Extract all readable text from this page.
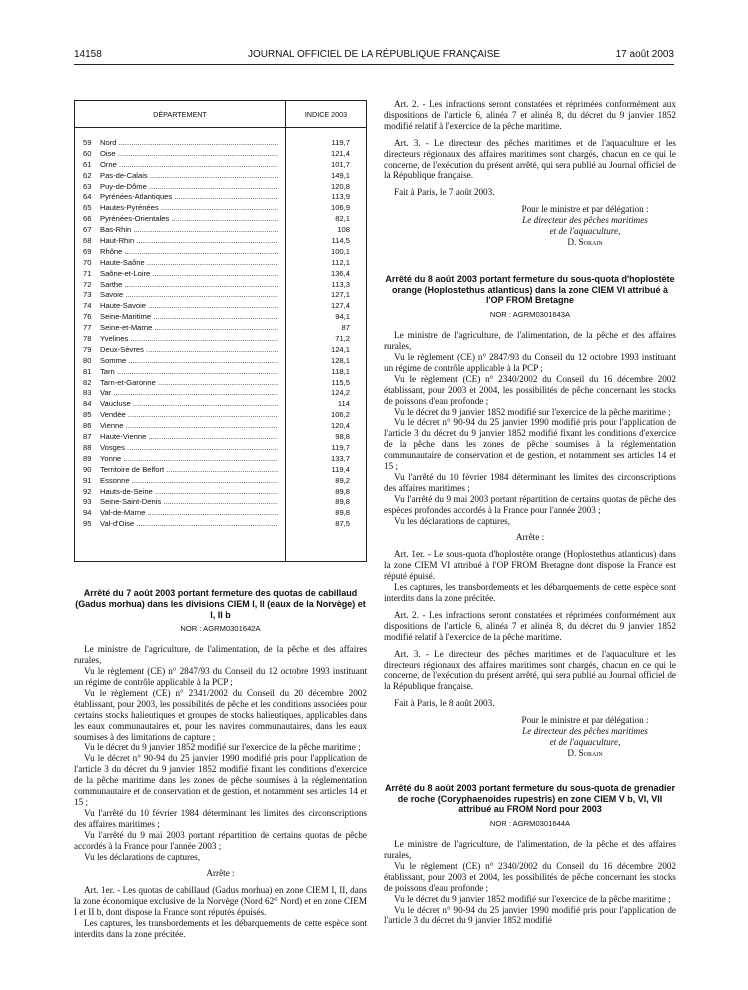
14158	JOURNAL OFFICIEL DE LA RÉPUBLIQUE FRANÇAISE	17 août 2003
DÉPARTEMENT	INDICE 2003
59 Nord .....	119,7
60 Oise .....	121,4
61 Orne .....	101,7
62 Pas-de-Calais .....	149,1
63 Puy-de-Dôme .....	120,8
64 Pyrénées-Atlantiques .....	113,9
65 Hautes-Pyrénées .....	106,9
66 Pyrénées-Orientales .....	82,1
67 Bas-Rhin .....	108
68 Haut-Rhin .....	114,5
69 Rhône .....	100,1
70 Haute-Saône .....	112,1
71 Saône-et-Loire .....	136,4
72 Sarthe .....	113,3
73 Savoie .....	127,1
74 Haute-Savoie .....	127,4
76 Seine-Maritime .....	94,1
77 Seine-et-Marne .....	87
78 Yvelines .....	71,2
79 Deux-Sèvres .....	124,1
80 Somme .....	128,1
81 Tarn .....	118,1
82 Tarn-et-Garonne .....	115,5
83 Var .....	124,2
84 Vaucluse .....	114
85 Vendée .....	106,2
86 Vienne .....	120,4
87 Haute-Vienne .....	98,8
88 Vosges .....	119,7
89 Yonne .....	133,7
90 Territoire de Belfort .....	119,4
91 Essonne .....	89,2
92 Hauts-de-Seine .....	89,8
93 Seine-Saint-Denis .....	89,8
94 Val-de-Marne .....	89,8
95 Val-d'Oise .....	87,5
Arrêté du 7 août 2003 portant fermeture des quotas de cabillaud (Gadus morhua) dans les divisions CIEM I, II (eaux de la Norvège) et I, II b
NOR : AGRM0301642A

Le ministre de l'agriculture, de l'alimentation, de la pêche et des affaires rurales,

Vu le règlement (CE) n° 2847/93 du Conseil du 12 octobre 1993 instituant un régime de contrôle applicable à la PCP ;

Vu le règlement (CE) n° 2341/2002 du Conseil du 20 décembre 2002 établissant, pour 2003, les possibilités de pêche et les conditions associées pour certains stocks halieutiques et groupes de stocks halieutiques, applicables dans les eaux communautaires et, pour les navires communautaires, dans les eaux soumises à des limitations de capture ;

Vu le décret du 9 janvier 1852 modifié sur l'exercice de la pêche maritime ;

Vu le décret n° 90-94 du 25 janvier 1990 modifié pris pour l'application de l'article 3 du décret du 9 janvier 1852 modifié fixant les conditions d'exercice de la pêche maritime dans les zones de pêche soumises à la réglementation communautaire et de conservation et de gestion, et notamment ses articles 14 et 15 ;

Vu l'arrêté du 10 février 1984 déterminant les limites des circonscriptions des affaires maritimes ;

Vu l'arrêté du 9 mai 2003 portant répartition de certains quotas de pêche accordés à la France pour l'année 2003 ;

Vu les déclarations de captures,

Arrête :

Art. 1er. - Les quotas de cabillaud (Gadus morhua) en zone CIEM I, II, dans la zone économique exclusive de la Norvège (Nord 62° Nord) et en zone CIEM I et II b, dont dispose la France sont réputés épuisés.

Les captures, les transbordements et les débarquements de cette espèce sont interdits dans la zone précitée.

Art. 2. - Les infractions seront constatées et réprimées conformément aux dispositions de l'article 6, alinéa 7 et alinéa 8, du décret du 9 janvier 1852 modifié relatif à l'exercice de la pêche maritime.

Art. 3. - Le directeur des pêches maritimes et de l'aquaculture et les directeurs régionaux des affaires maritimes sont chargés, chacun en ce qui le concerne, de l'exécution du présent arrêté, qui sera publié au Journal officiel de la République française.

Fait à Paris, le 7 août 2003.

Pour le ministre et par délégation :

Le directeur des pêches maritimes

et de l'aquaculture,

D. Sorain

Arrêté du 8 août 2003 portant fermeture du sous-quota d'hoplostète orange (Hoplostethus atlanticus) dans la zone CIEM VI attribué à l'OP FROM Bretagne
NOR : AGRM0301643A

Le ministre de l'agriculture, de l'alimentation, de la pêche et des affaires rurales,

Vu le règlement (CE) n° 2847/93 du Conseil du 12 octobre 1993 instituant un régime de contrôle applicable à la PCP ;

Vu le règlement (CE) n° 2340/2002 du Conseil du 16 décembre 2002 établissant, pour 2003 et 2004, les possibilités de pêche concernant les stocks de poissons d'eau profonde ;

Vu le décret du 9 janvier 1852 modifié sur l'exercice de la pêche maritime ;

Vu le décret n° 90-94 du 25 janvier 1990 modifié pris pour l'application de l'article 3 du décret du 9 janvier 1852 modifié fixant les conditions d'exercice de la pêche dans les zones de pêche soumises à la réglementation communautaire de conservation et de gestion, et notamment ses articles 14 et 15 ;

Vu l'arrêté du 10 février 1984 déterminant les limites des circonscriptions des affaires maritimes ;

Vu l'arrêté du 9 mai 2003 portant répartition de certains quotas de pêche des espèces profondes accordés à la France pour l'année 2003 ;

Vu les déclarations de captures,

Arrête :

Art. 1er. - Le sous-quota d'hoplostète orange (Hoplostethus atlanticus) dans la zone CIEM VI attribué à l'OP FROM Bretagne dont dispose la France est réputé épuisé.

Les captures, les transbordements et les débarquements de cette espèce sont interdits dans la zone précitée.

Art. 2. - Les infractions seront constatées et réprimées conformément aux dispositions de l'article 6, alinéa 7 et alinéa 8, du décret du 9 janvier 1852 modifié relatif à l'exercice de la pêche maritime.

Art. 3. - Le directeur des pêches maritimes et de l'aquaculture et les directeurs régionaux des affaires maritimes sont chargés, chacun en ce qui le concerne, de l'exécution du présent arrêté, qui sera publié au Journal officiel de la République française.

Fait à Paris, le 8 août 2003.

Pour le ministre et par délégation :

Le directeur des pêches maritimes

et de l'aquaculture,

D. Sorain

Arrêté du 8 août 2003 portant fermeture du sous-quota de grenadier de roche (Coryphaenoides rupestris) en zone CIEM V b, VI, VII attribué au FROM Nord pour 2003
NOR : AGRM0301644A

Le ministre de l'agriculture, de l'alimentation, de la pêche et des affaires rurales,

Vu le règlement (CE) n° 2340/2002 du Conseil du 16 décembre 2002 établissant, pour 2003 et 2004, les possibilités de pêche concernant les stocks de poissons d'eau profonde ;

Vu le décret du 9 janvier 1852 modifié sur l'exercice de la pêche maritime ;

Vu le décret n° 90-94 du 25 janvier 1990 modifié pris pour l'application de l'article 3 du décret du 9 janvier 1852 modifié
